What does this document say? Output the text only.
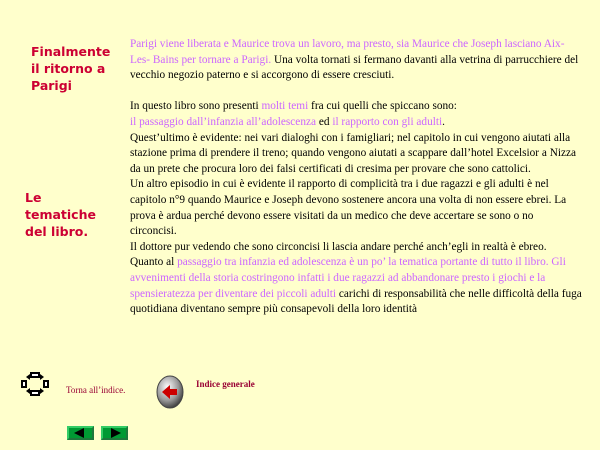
Finalmente il ritorno a Parigi
Le tematiche del libro.

Parigi viene liberata e Maurice trova un lavoro, ma presto, sia Maurice che Joseph lasciano Aix- Les- Bains per tornare a Parigi. Una volta tornati si fermano davanti alla vetrina di parrucchiere del vecchio negozio paterno e si accorgono di essere cresciuti.

In questo libro sono presenti molti temi fra cui quelli che spiccano sono:

il passaggio dall’infanzia all’adolescenza ed il rapporto con gli adulti.

Quest’ultimo è evidente: nei vari dialoghi con i famigliari; nel capitolo in cui vengono aiutati alla stazione prima di prendere il treno; quando vengono aiutati a scappare dall’hotel Excelsior a Nizza da un prete che procura loro dei falsi certificati di cresima per provare che sono cattolici.

Un altro episodio in cui è evidente il rapporto di complicità tra i due ragazzi e gli adulti è nel capitolo n°9 quando Maurice e Joseph devono sostenere ancora una volta di non essere ebrei. La prova è ardua perché devono essere visitati da un medico che deve accertare se sono o no circoncisi.

Il dottore pur vedendo che sono circoncisi li lascia andare perché anch’egli in realtà è ebreo.

Quanto al passaggio tra infanzia ed adolescenza è un po’ la tematica portante di tutto il libro. Gli avvenimenti della storia costringono infatti i due ragazzi ad abbandonare presto i giochi e la spensieratezza per diventare dei piccoli adulti carichi di responsabilità che nelle difficoltà della fuga quotidiana diventano sempre più consapevoli della loro identità

Torna all’indice.
Indice generale
